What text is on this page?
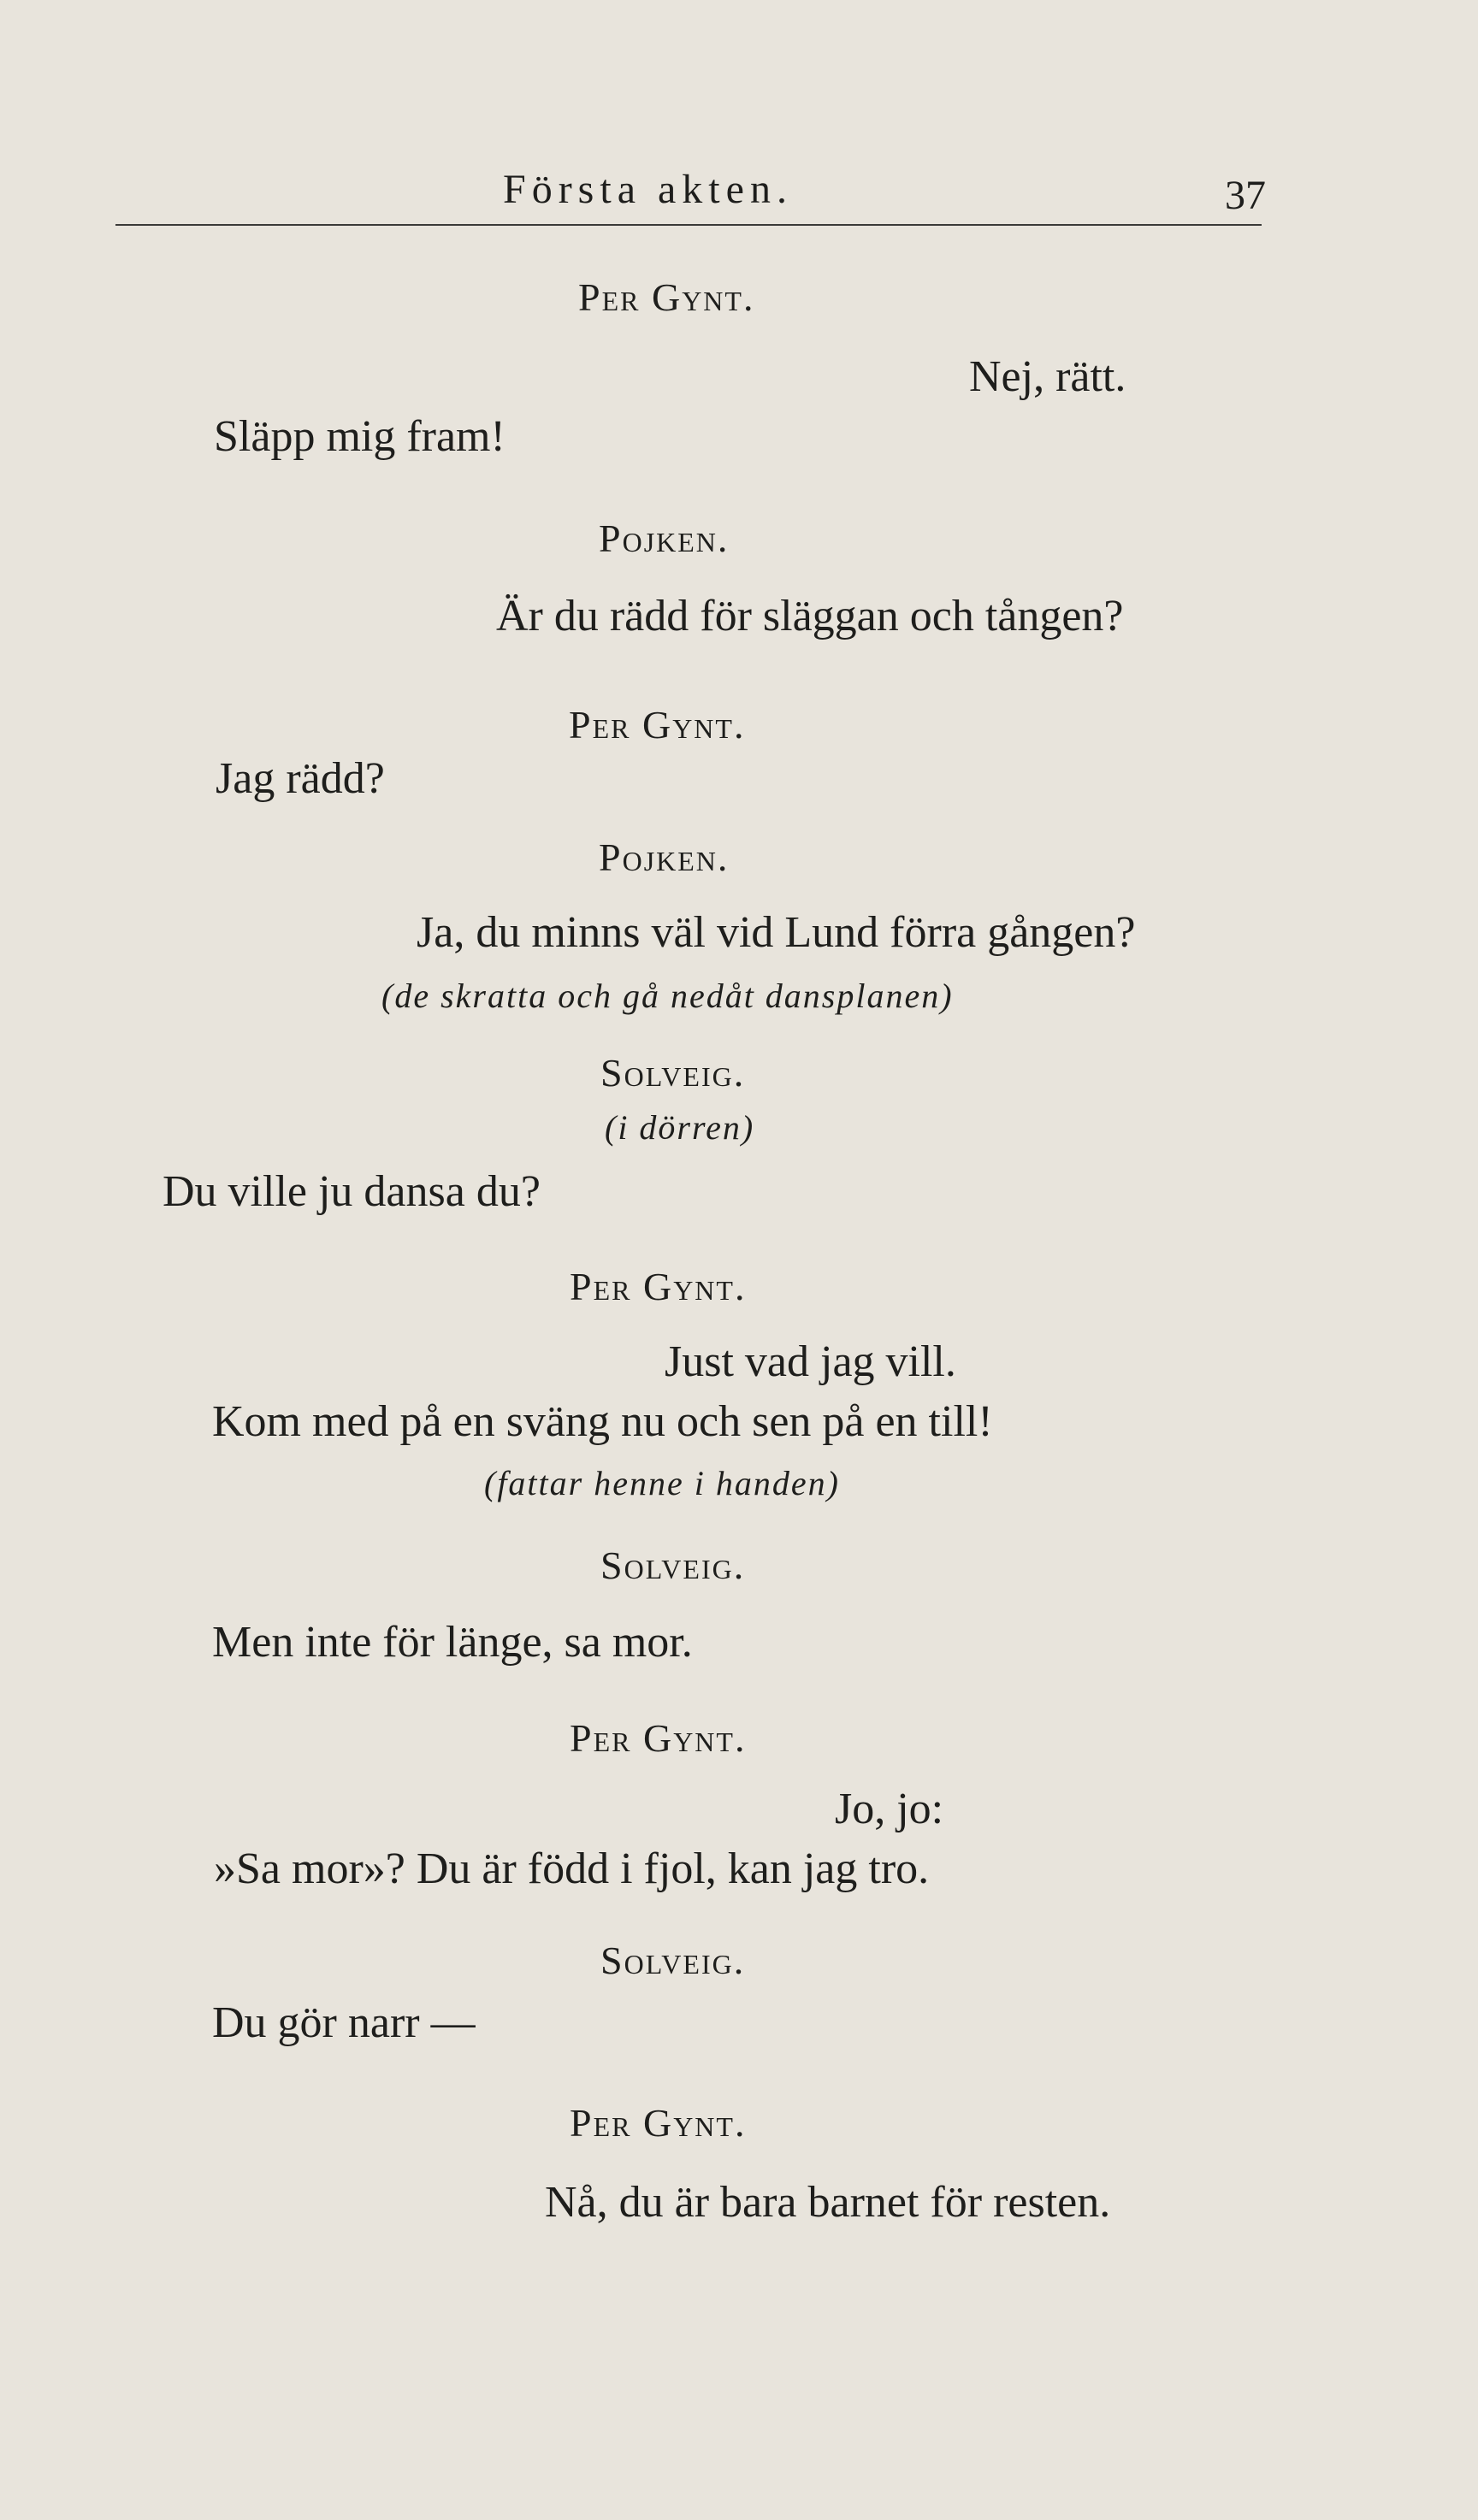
Första akten.	37
Per Gynt.
Nej, rätt.
Släpp mig fram!
Pojken.
Är du rädd för släggan och tången?
Per Gynt.
Jag rädd?
Pojken.
Ja, du minns väl vid Lund förra gången?
(de skratta och gå nedåt dansplanen)
Solveig.
(i dörren)
Du ville ju dansa du?
Per Gynt.
Just vad jag vill.
Kom med på en sväng nu och sen på en till!
(fattar henne i handen)
Solveig.
Men inte för länge, sa mor.
Per Gynt.
Jo, jo:
»Sa mor»? Du är född i fjol, kan jag tro.
Solveig.
Du gör narr —
Per Gynt.
Nå, du är bara barnet för resten.
